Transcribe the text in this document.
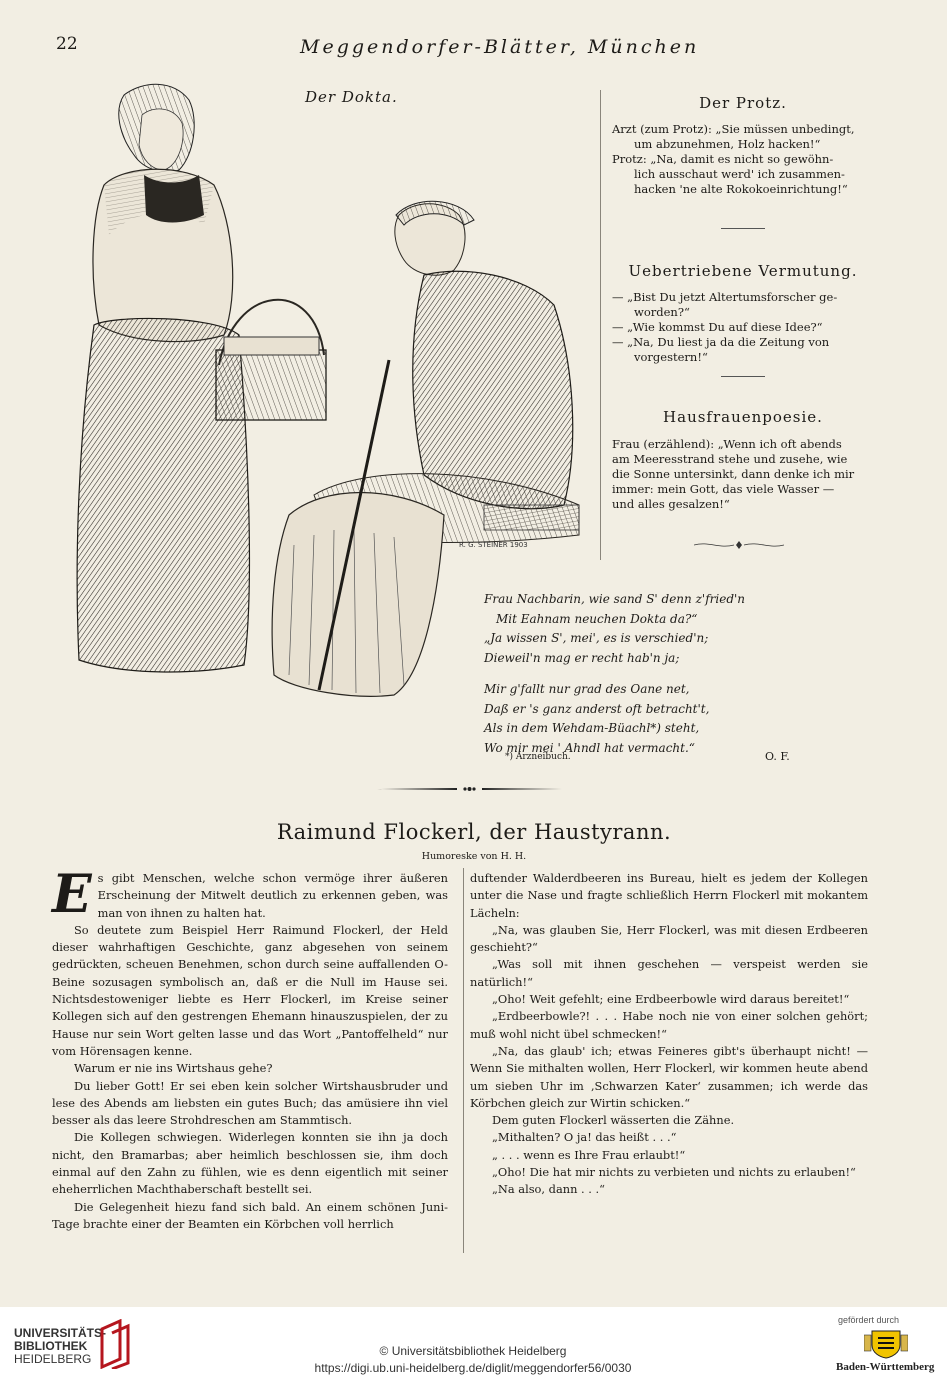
22	Meggendorfer-Blätter, München
R. G. STEINER 1903
Der Dokta.	Der Protz.
Arzt (zum Protz): „Sie müssen unbedingt,
um abzunehmen, Holz hacken!“
Protz: „Na, damit es nicht so gewöhn-
lich ausschaut werd' ich zusammen-
hacken 'ne alte Rokokoeinrichtung!“
Uebertriebene Vermutung.
— „Bist Du jetzt Altertumsforscher ge-
worden?“
— „Wie kommst Du auf diese Idee?“
— „Na, Du liest ja da die Zeitung von
vorgestern!“
Hausfrauenpoesie.
Frau (erzählend): „Wenn ich oft abends
am Meeresstrand stehe und zusehe, wie
die Sonne untersinkt, dann denke ich mir
immer: mein Gott, das viele Wasser —
und alles gesalzen!“

Frau Nachbarin, wie sand S' denn z'fried'n

Mit Eahnam neuchen Dokta da?“

„Ja wissen S', mei', es is verschied'n;

Dieweil'n mag er recht hab'n ja;

Mir g'fallt nur grad des Oane net,

Daß er 's ganz anderst oft betracht't,

Als in dem Wehdam-Büachl*) steht,

Wo mir mei ' Ahndl hat vermacht.“

*) Arzneibuch.	O. F.
Raimund Flockerl, der Haustyrann.
Humoreske von H. H.

Es gibt Menschen, welche schon vermöge ihrer äußeren Erscheinung der Mitwelt deutlich zu erkennen geben, was man von ihnen zu halten hat.

So deutete zum Beispiel Herr Raimund Flockerl, der Held dieser wahrhaftigen Geschichte, ganz abgesehen von seinem gedrückten, scheuen Benehmen, schon durch seine auffallenden O-Beine sozusagen symbolisch an, daß er die Null im Hause sei. Nichtsdestoweniger liebte es Herr Flockerl, im Kreise seiner Kollegen sich auf den gestrengen Ehemann hinauszuspielen, der zu Hause nur sein Wort gelten lasse und das Wort „Pantoffelheld“ nur vom Hörensagen kenne.

Warum er nie ins Wirtshaus gehe?

Du lieber Gott! Er sei eben kein solcher Wirtshausbruder und lese des Abends am liebsten ein gutes Buch; das amüsiere ihn viel besser als das leere Strohdreschen am Stammtisch.

Die Kollegen schwiegen. Widerlegen konnten sie ihn ja doch nicht, den Bramarbas; aber heimlich beschlossen sie, ihm doch einmal auf den Zahn zu fühlen, wie es denn eigentlich mit seiner eheherrlichen Machthaberschaft bestellt sei.

Die Gelegenheit hiezu fand sich bald. An einem schönen Juni-Tage brachte einer der Beamten ein Körbchen voll herrlich

duftender Walderdbeeren ins Bureau, hielt es jedem der Kollegen unter die Nase und fragte schließlich Herrn Flockerl mit mokantem Lächeln:

„Na, was glauben Sie, Herr Flockerl, was mit diesen Erdbeeren geschieht?“

„Was soll mit ihnen geschehen — verspeist werden sie natürlich!“

„Oho! Weit gefehlt; eine Erdbeerbowle wird daraus bereitet!“

„Erdbeerbowle?! . . . Habe noch nie von einer solchen gehört; muß wohl nicht übel schmecken!“

„Na, das glaub' ich; etwas Feineres gibt's überhaupt nicht! — Wenn Sie mithalten wollen, Herr Flockerl, wir kommen heute abend um sieben Uhr im ‚Schwarzen Kater‘ zusammen; ich werde das Körbchen gleich zur Wirtin schicken.“

Dem guten Flockerl wässerten die Zähne.

„Mithalten? O ja! das heißt . . .“

„ . . . wenn es Ihre Frau erlaubt!“

„Oho! Die hat mir nichts zu verbieten und nichts zu erlauben!“

„Na also, dann . . .“

UNIVERSITÄTS-
BIBLIOTHEK
HEIDELBERG
© Universitätsbibliothek Heidelberg
https://digi.ub.uni-heidelberg.de/diglit/meggendorfer56/0030
gefördert durch
Baden-Württemberg
